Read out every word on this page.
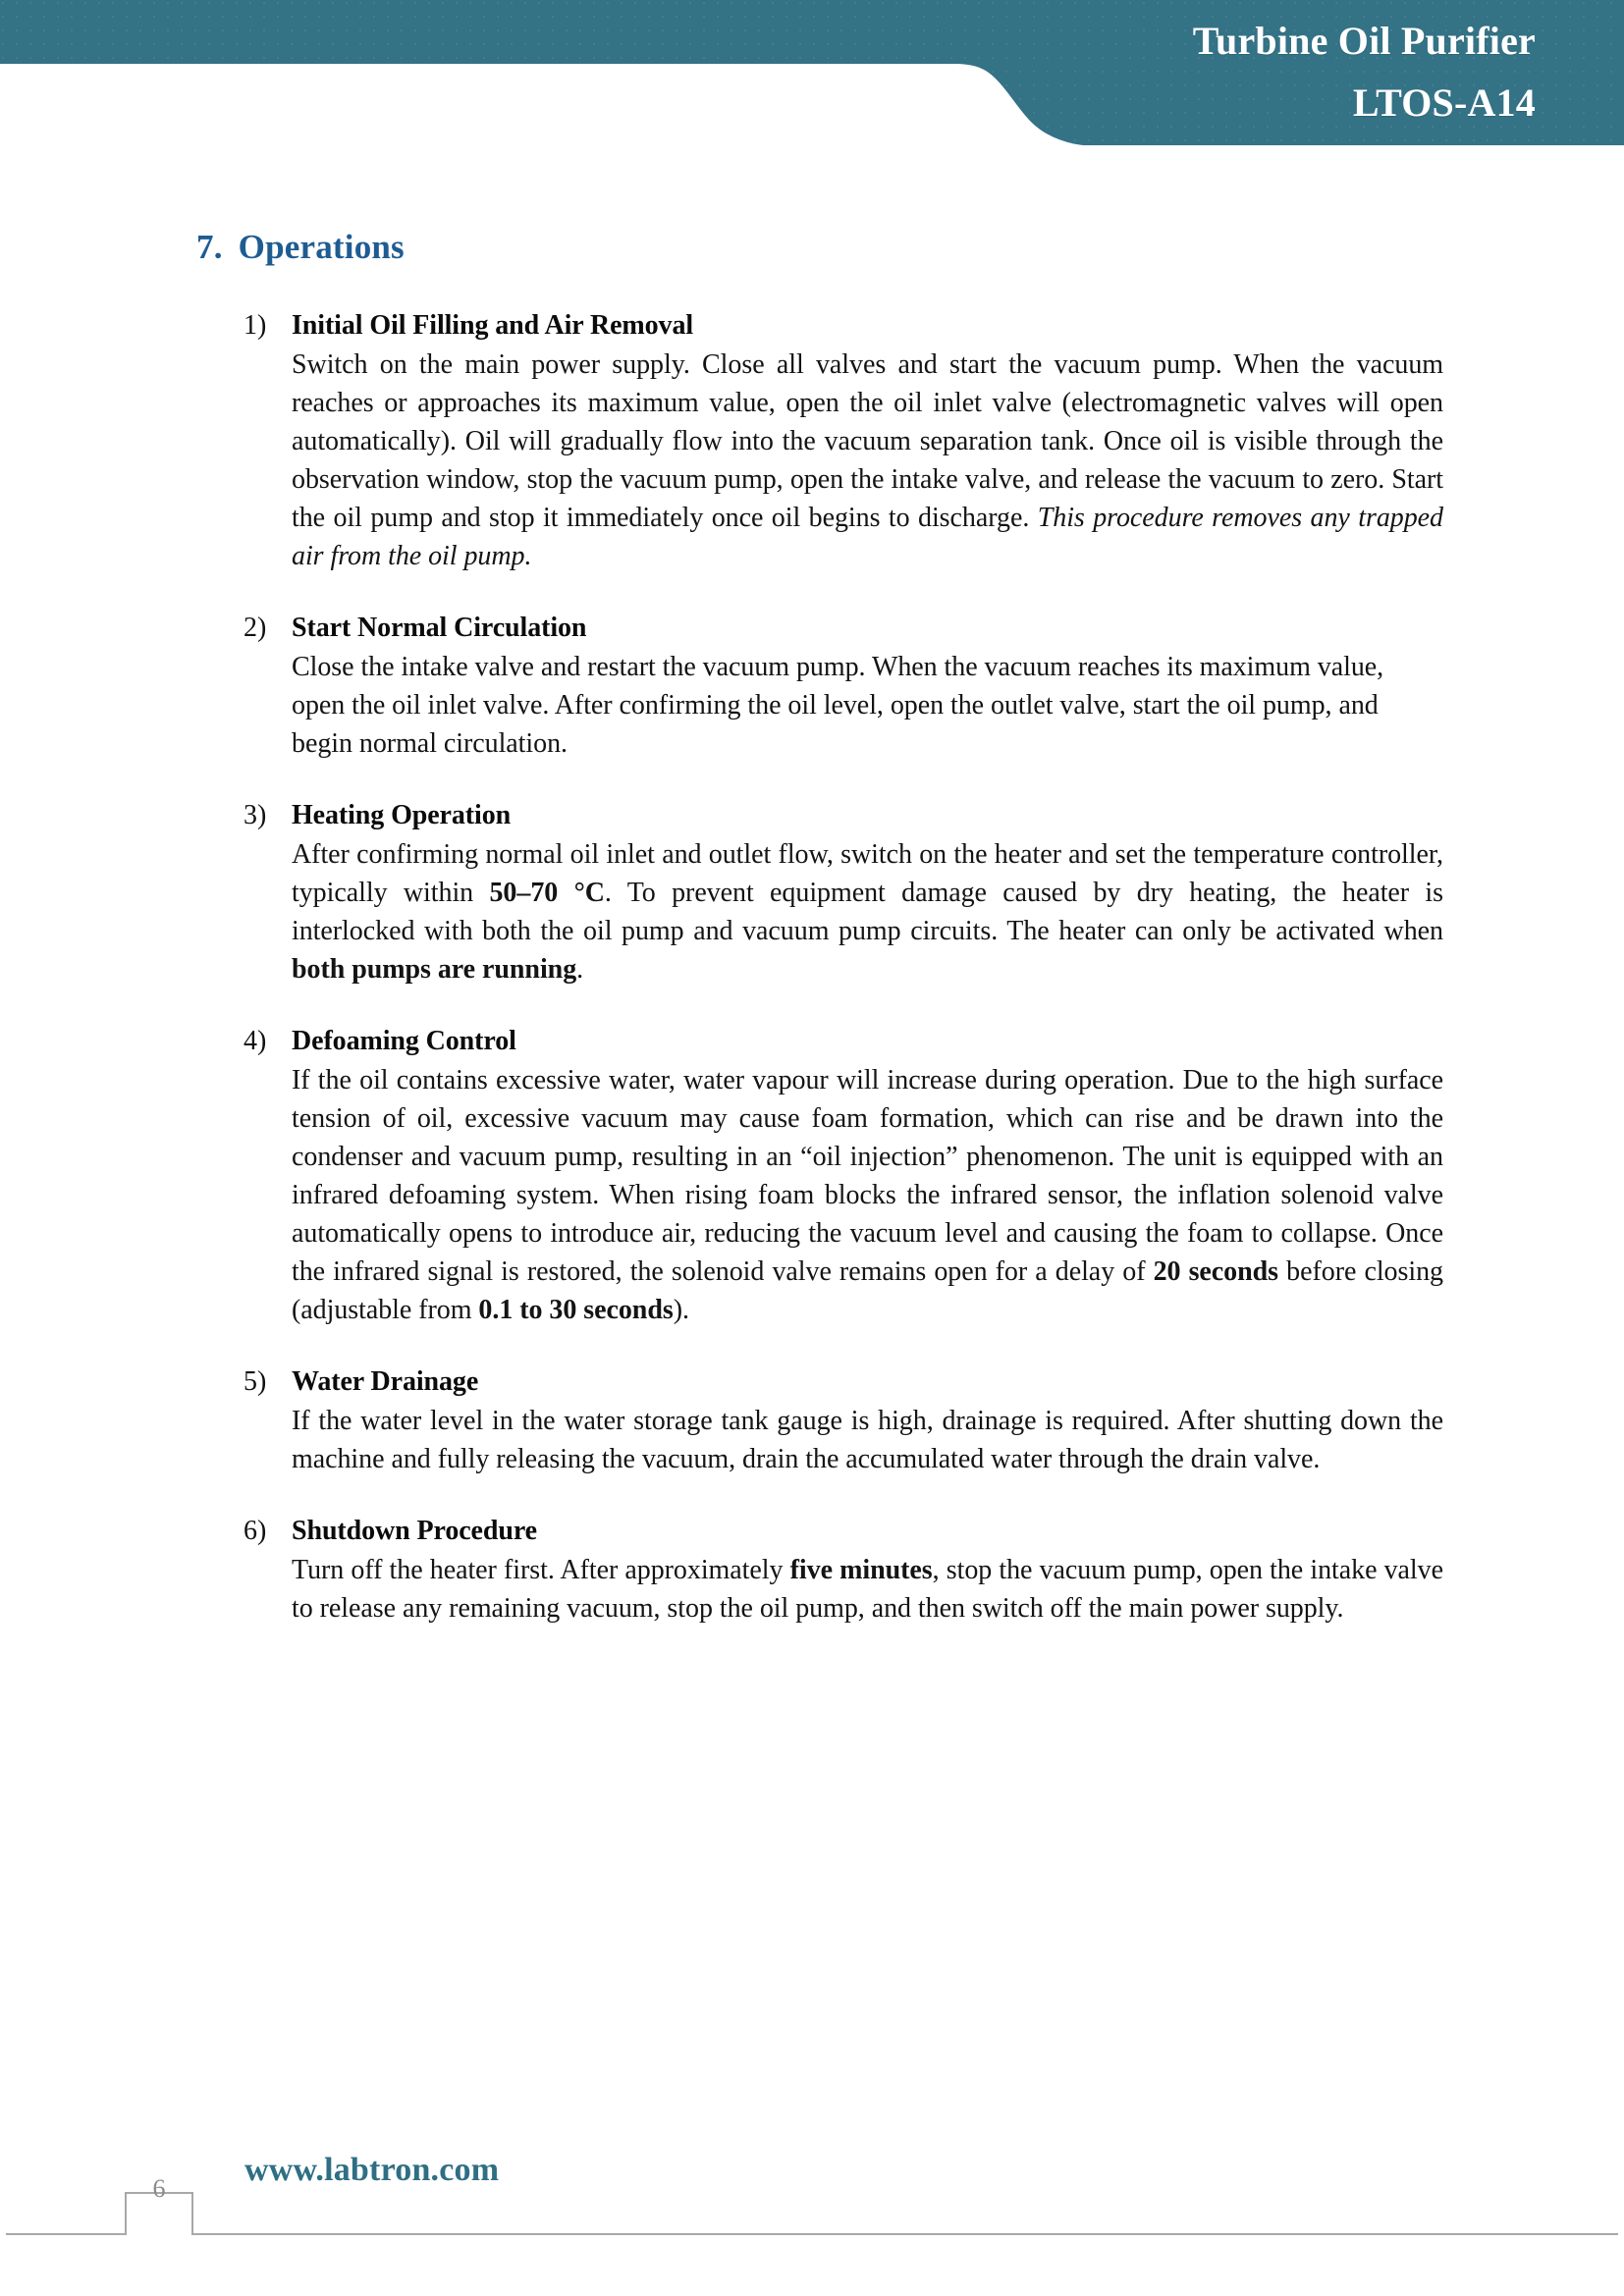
Turbine Oil Purifier
LTOS-A14
7. Operations
1) Initial Oil Filling and Air Removal
Switch on the main power supply. Close all valves and start the vacuum pump. When the vacuum reaches or approaches its maximum value, open the oil inlet valve (electromagnetic valves will open automatically). Oil will gradually flow into the vacuum separation tank. Once oil is visible through the observation window, stop the vacuum pump, open the intake valve, and release the vacuum to zero. Start the oil pump and stop it immediately once oil begins to discharge. This procedure removes any trapped air from the oil pump.
2) Start Normal Circulation
Close the intake valve and restart the vacuum pump. When the vacuum reaches its maximum value, open the oil inlet valve. After confirming the oil level, open the outlet valve, start the oil pump, and begin normal circulation.
3) Heating Operation
After confirming normal oil inlet and outlet flow, switch on the heater and set the temperature controller, typically within 50–70 °C. To prevent equipment damage caused by dry heating, the heater is interlocked with both the oil pump and vacuum pump circuits. The heater can only be activated when both pumps are running.
4) Defoaming Control
If the oil contains excessive water, water vapour will increase during operation. Due to the high surface tension of oil, excessive vacuum may cause foam formation, which can rise and be drawn into the condenser and vacuum pump, resulting in an “oil injection” phenomenon. The unit is equipped with an infrared defoaming system. When rising foam blocks the infrared sensor, the inflation solenoid valve automatically opens to introduce air, reducing the vacuum level and causing the foam to collapse. Once the infrared signal is restored, the solenoid valve remains open for a delay of 20 seconds before closing (adjustable from 0.1 to 30 seconds).
5) Water Drainage
If the water level in the water storage tank gauge is high, drainage is required. After shutting down the machine and fully releasing the vacuum, drain the accumulated water through the drain valve.
6) Shutdown Procedure
Turn off the heater first. After approximately five minutes, stop the vacuum pump, open the intake valve to release any remaining vacuum, stop the oil pump, and then switch off the main power supply.
6
www.labtron.com
